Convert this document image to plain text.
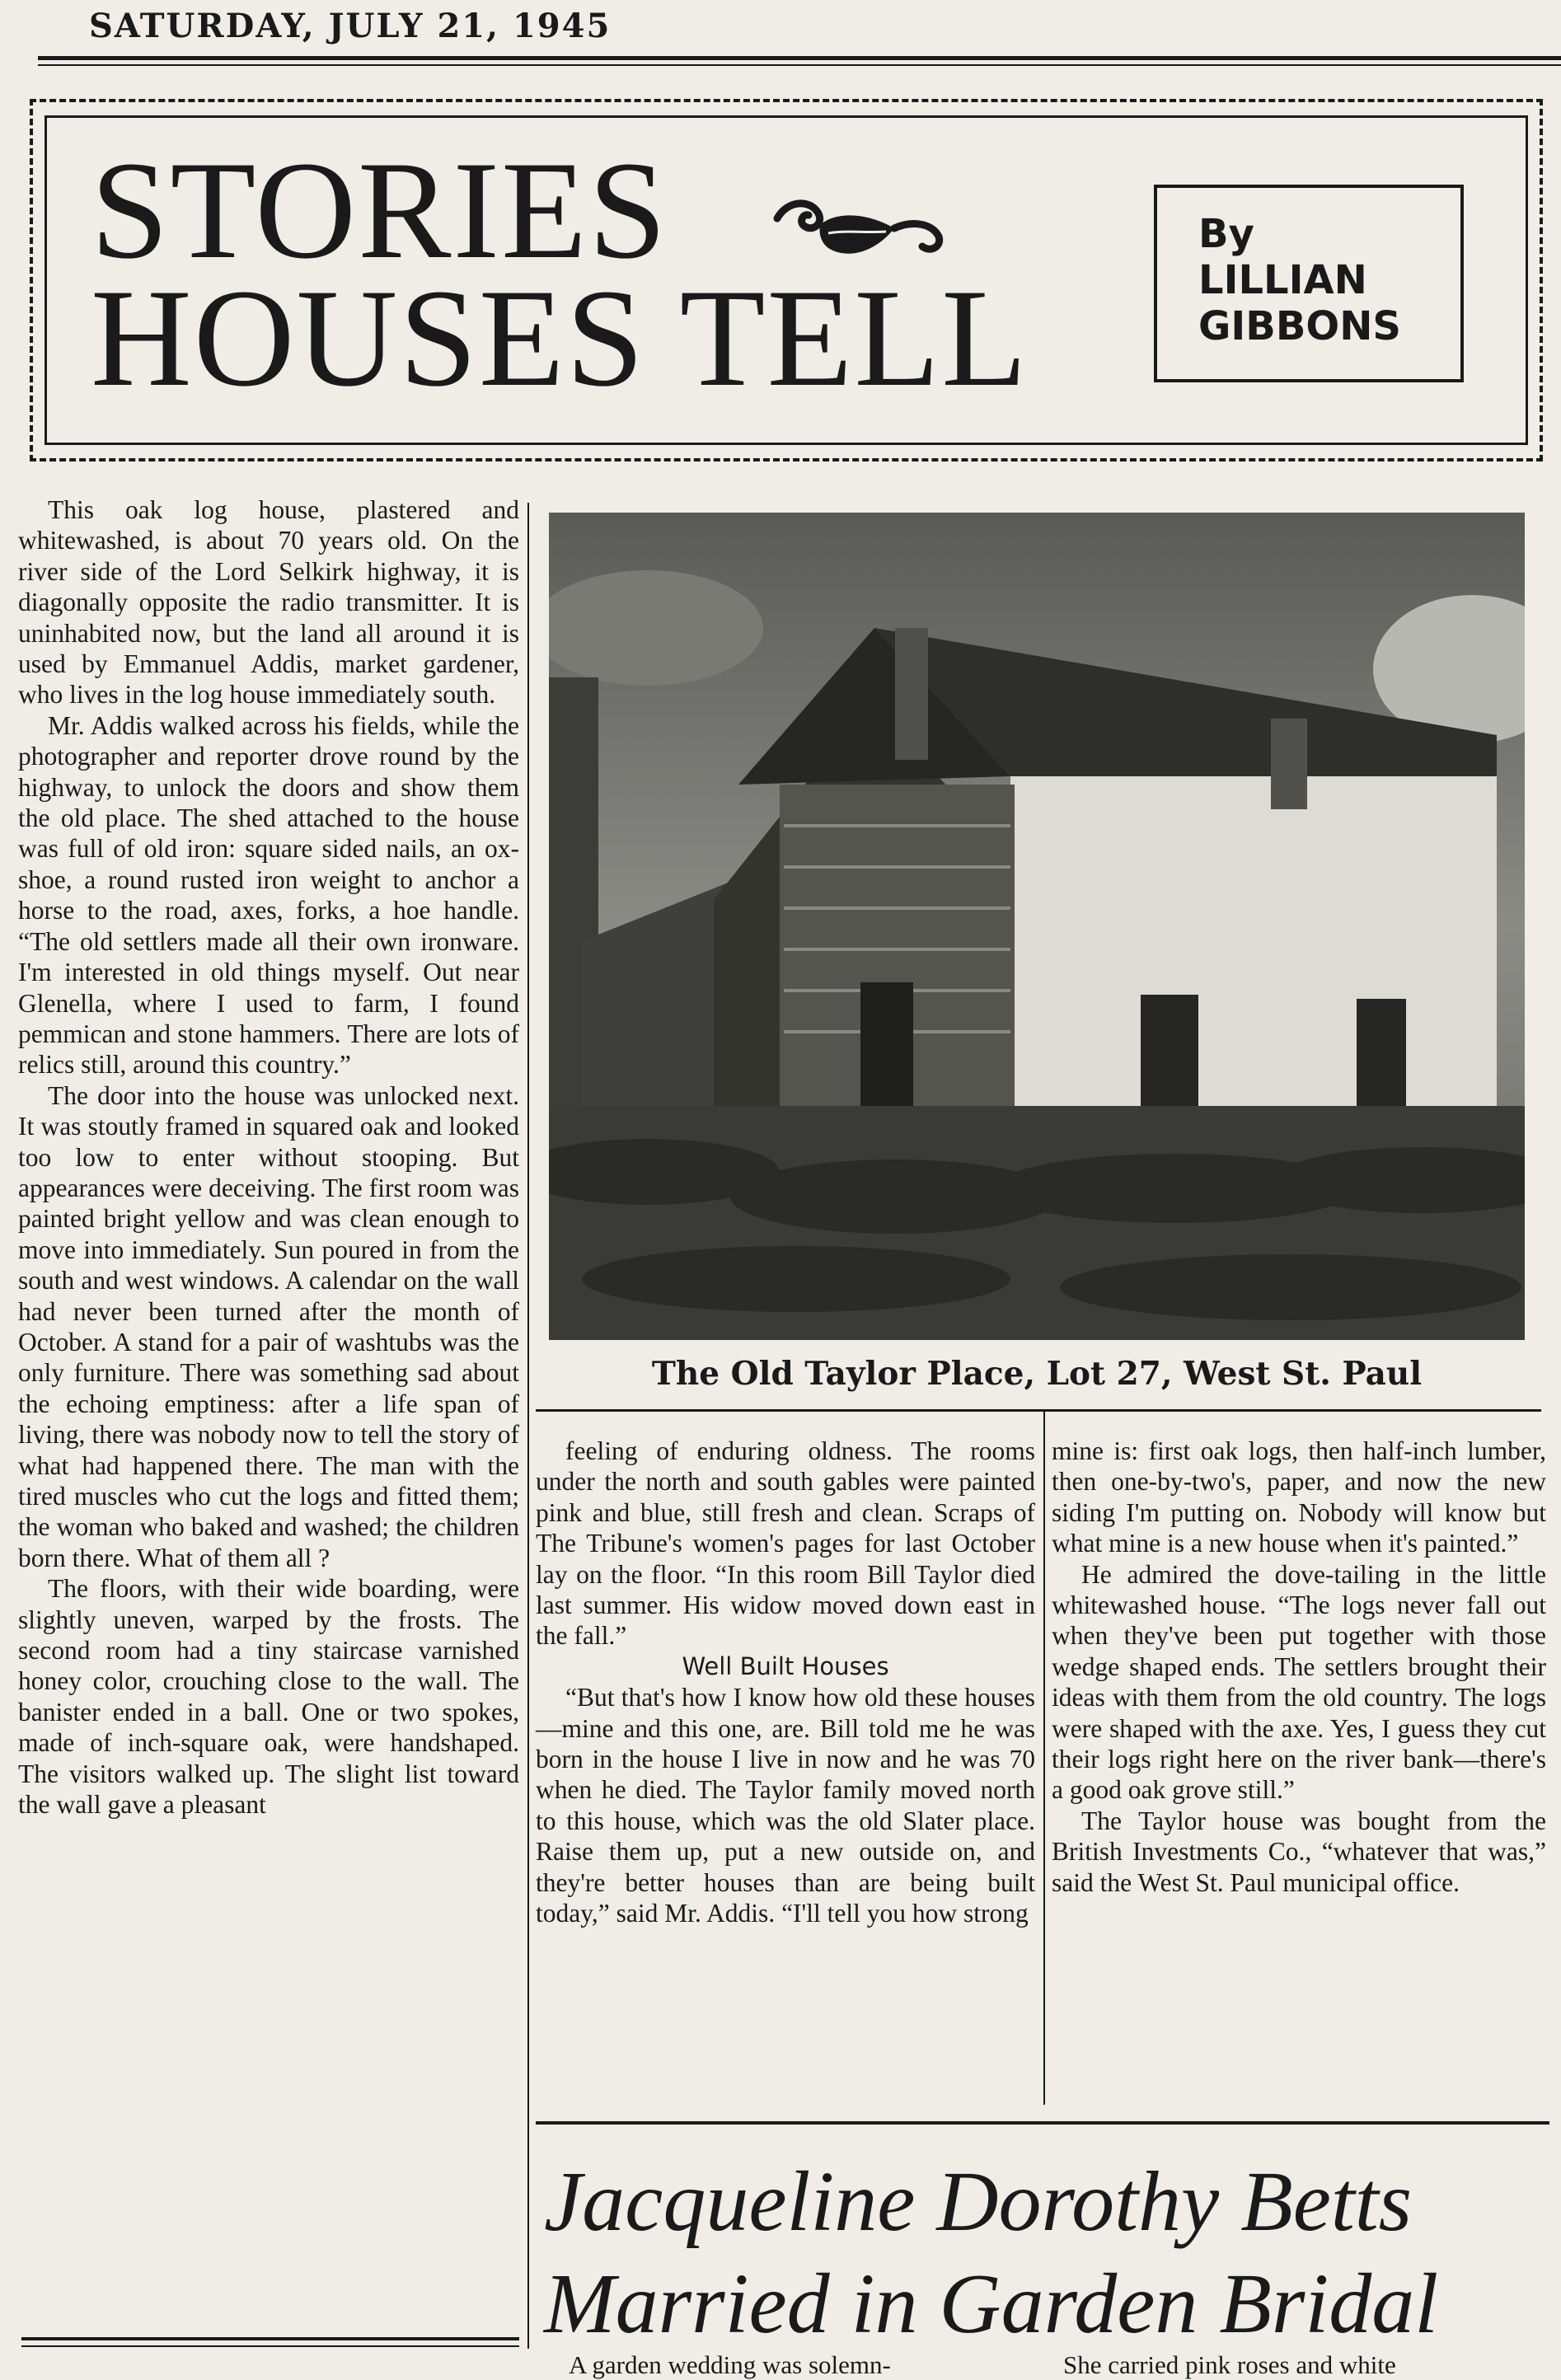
SATURDAY, JULY 21, 1945
STORIES
HOUSES TELL
By
LILLIAN
GIBBONS
The Old Taylor Place, Lot 27, West St. Paul

This oak log house, plastered and whitewashed, is about 70 years old. On the river side of the Lord Selkirk highway, it is diagonally opposite the radio transmitter. It is uninhabited now, but the land all around it is used by Emmanuel Addis, market gardener, who lives in the log house immediately south.

Mr. Addis walked across his fields, while the photographer and reporter drove round by the highway, to unlock the doors and show them the old place. The shed attached to the house was full of old iron: square sided nails, an ox-shoe, a round rusted iron weight to anchor a horse to the road, axes, forks, a hoe handle. “The old settlers made all their own ironware. I'm interested in old things myself. Out near Glenella, where I used to farm, I found pemmican and stone hammers. There are lots of relics still, around this country.”

The door into the house was unlocked next. It was stoutly framed in squared oak and looked too low to enter without stooping. But appearances were deceiving. The first room was painted bright yellow and was clean enough to move into immediately. Sun poured in from the south and west windows. A calendar on the wall had never been turned after the month of October. A stand for a pair of washtubs was the only furniture. There was something sad about the echoing emptiness: after a life span of living, there was nobody now to tell the story of what had happened there. The man with the tired muscles who cut the logs and fitted them; the woman who baked and washed; the children born there. What of them all ?

The floors, with their wide boarding, were slightly uneven, warped by the frosts. The second room had a tiny staircase varnished honey color, crouching close to the wall. The banister ended in a ball. One or two spokes, made of inch-square oak, were handshaped. The visitors walked up. The slight list toward the wall gave a pleasant

feeling of enduring oldness. The rooms under the north and south gables were painted pink and blue, still fresh and clean. Scraps of The Tribune's women's pages for last October lay on the floor. “In this room Bill Taylor died last summer. His widow moved down east in the fall.”

Well Built Houses

“But that's how I know how old these houses—mine and this one, are. Bill told me he was born in the house I live in now and he was 70 when he died. The Taylor family moved north to this house, which was the old Slater place. Raise them up, put a new outside on, and they're better houses than are being built today,” said Mr. Addis. “I'll tell you how strong

mine is: first oak logs, then half-inch lumber, then one-by-two's, paper, and now the new siding I'm putting on. Nobody will know but what mine is a new house when it's painted.”

He admired the dove-tailing in the little whitewashed house. “The logs never fall out when they've been put together with those wedge shaped ends. The settlers brought their ideas with them from the old country. The logs were shaped with the axe. Yes, I guess they cut their logs right here on the river bank—there's a good oak grove still.”

The Taylor house was bought from the British Investments Co., “whatever that was,” said the West St. Paul municipal office.

Jacqueline Dorothy Betts
Married in Garden Bridal
A garden wedding was solemn-	She carried pink roses and white
